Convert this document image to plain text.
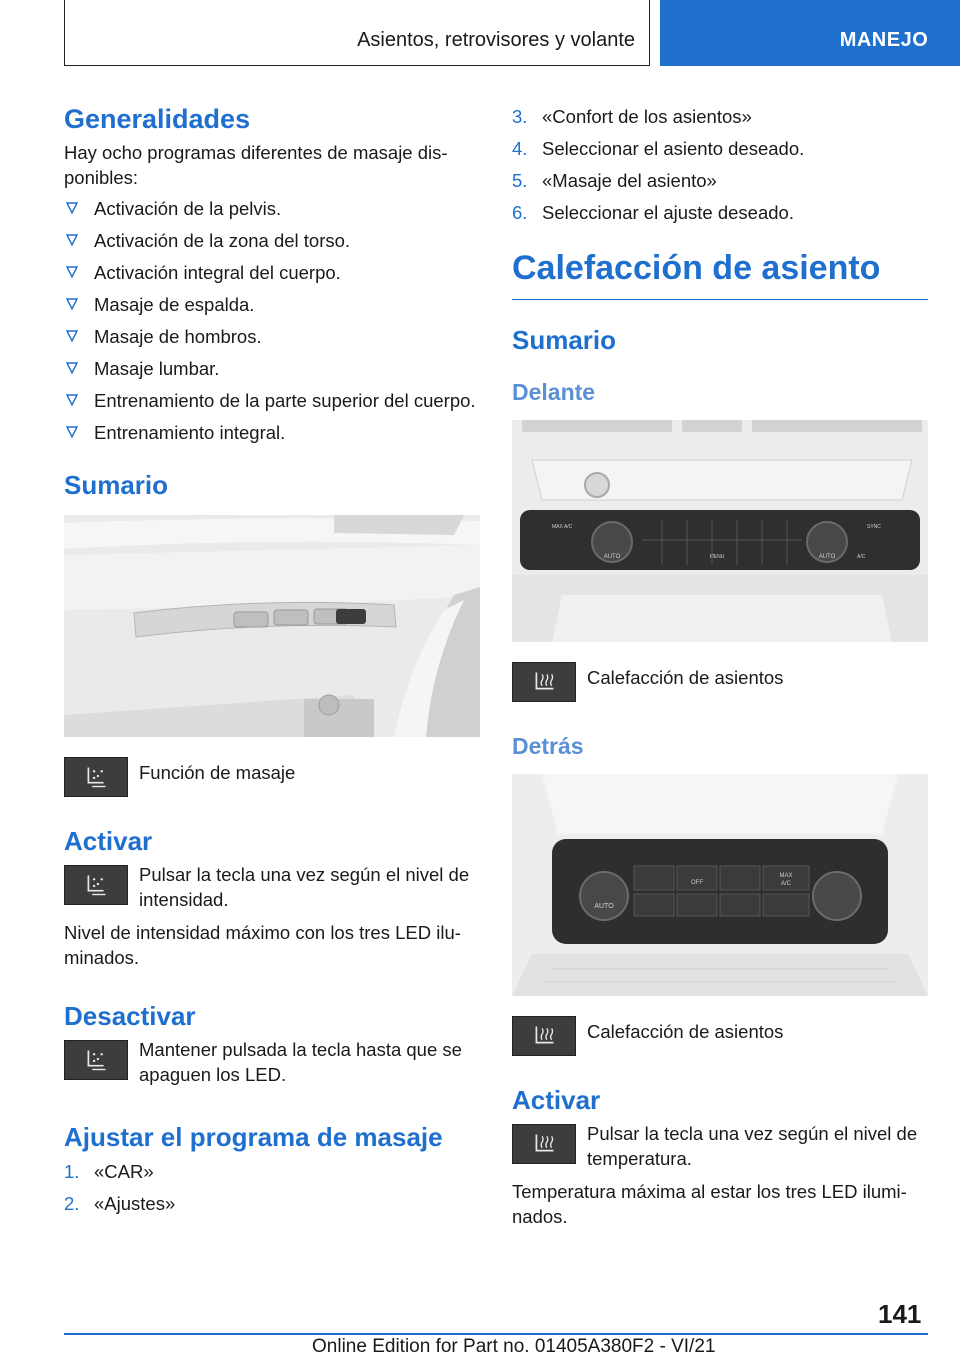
Asientos, retrovisores y volante	MANEJO
Generalidades

Hay ocho programas diferentes de masaje dis-ponibles:

Activación de la pelvis.
Activación de la zona del torso.
Activación integral del cuerpo.
Masaje de espalda.
Masaje de hombros.
Masaje lumbar.
Entrenamiento de la parte superior del cuerpo.
Entrenamiento integral.
Sumario
Función de masaje
Activar
Pulsar la tecla una vez según el nivel de intensidad.

Nivel de intensidad máximo con los tres LED ilu-minados.

Desactivar
Mantener pulsada la tecla hasta que se apaguen los LED.
Ajustar el programa de masaje
1. «CAR»
2. «Ajustes»
3. «Confort de los asientos»
4. Seleccionar el asiento deseado.
5. «Masaje del asiento»
6. Seleccionar el ajuste deseado.
Calefacción de asiento
Sumario
Delante
AUTO	AUTO
MAX A/C
MENU
SYNC
A/C
Calefacción de asientos
Detrás
AUTO
OFF
MAX
A/C
Calefacción de asientos
Activar
Pulsar la tecla una vez según el nivel de temperatura.

Temperatura máxima al estar los tres LED ilumi-nados.

141
Online Edition for Part no. 01405A380F2 - VI/21
